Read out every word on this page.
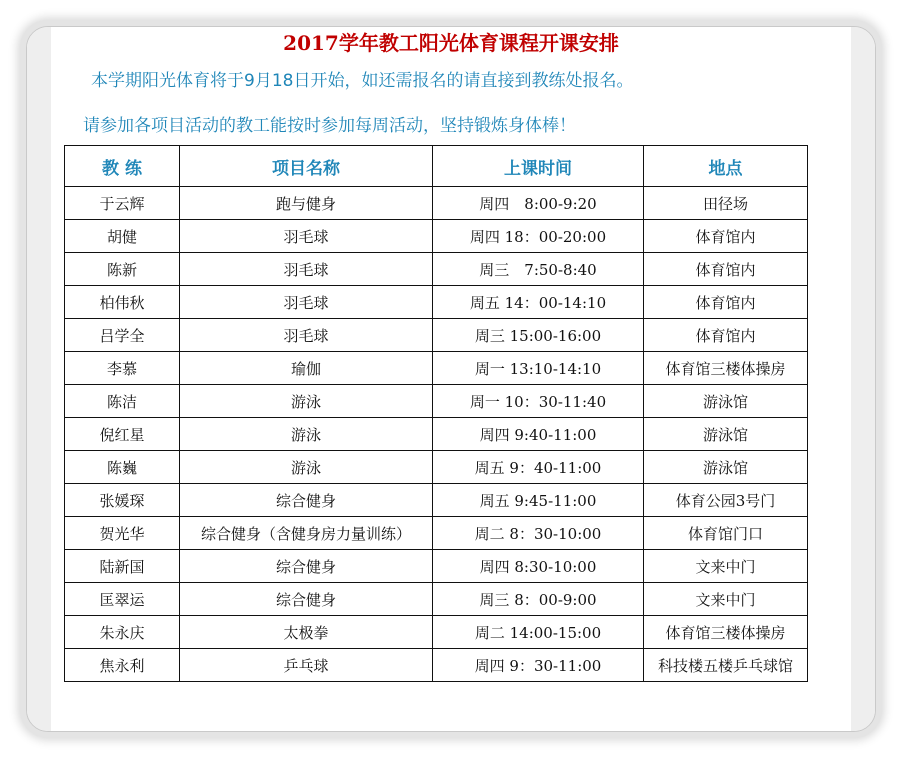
2017学年教工阳光体育课程开课安排
本学期阳光体育将于9月18日开始，如还需报名的请直接到教练处报名。
请参加各项目活动的教工能按时参加每周活动，坚持锻炼身体棒！
教 练	项目名称	上课时间	地点
于云辉	跑与健身	周四　8:00-9:20	田径场
胡健	羽毛球	周四 18：00-20:00	体育馆内
陈新	羽毛球	周三　7:50-8:40	体育馆内
柏伟秋	羽毛球	周五 14：00-14:10	体育馆内
吕学全	羽毛球	周三 15:00-16:00	体育馆内
李慕	瑜伽	周一 13:10-14:10	体育馆三楼体操房
陈洁	游泳	周一 10：30-11:40	游泳馆
倪红星	游泳	周四 9:40-11:00	游泳馆
陈巍	游泳	周五 9：40-11:00	游泳馆
张媛琛	综合健身	周五 9:45-11:00	体育公园3号门
贺光华	综合健身（含健身房力量训练）	周二 8：30-10:00	体育馆门口
陆新国	综合健身	周四 8:30-10:00	文来中门
匡翠运	综合健身	周三 8：00-9:00	文来中门
朱永庆	太极拳	周二 14:00-15:00	体育馆三楼体操房
焦永利	乒乓球	周四 9：30-11:00	科技楼五楼乒乓球馆
